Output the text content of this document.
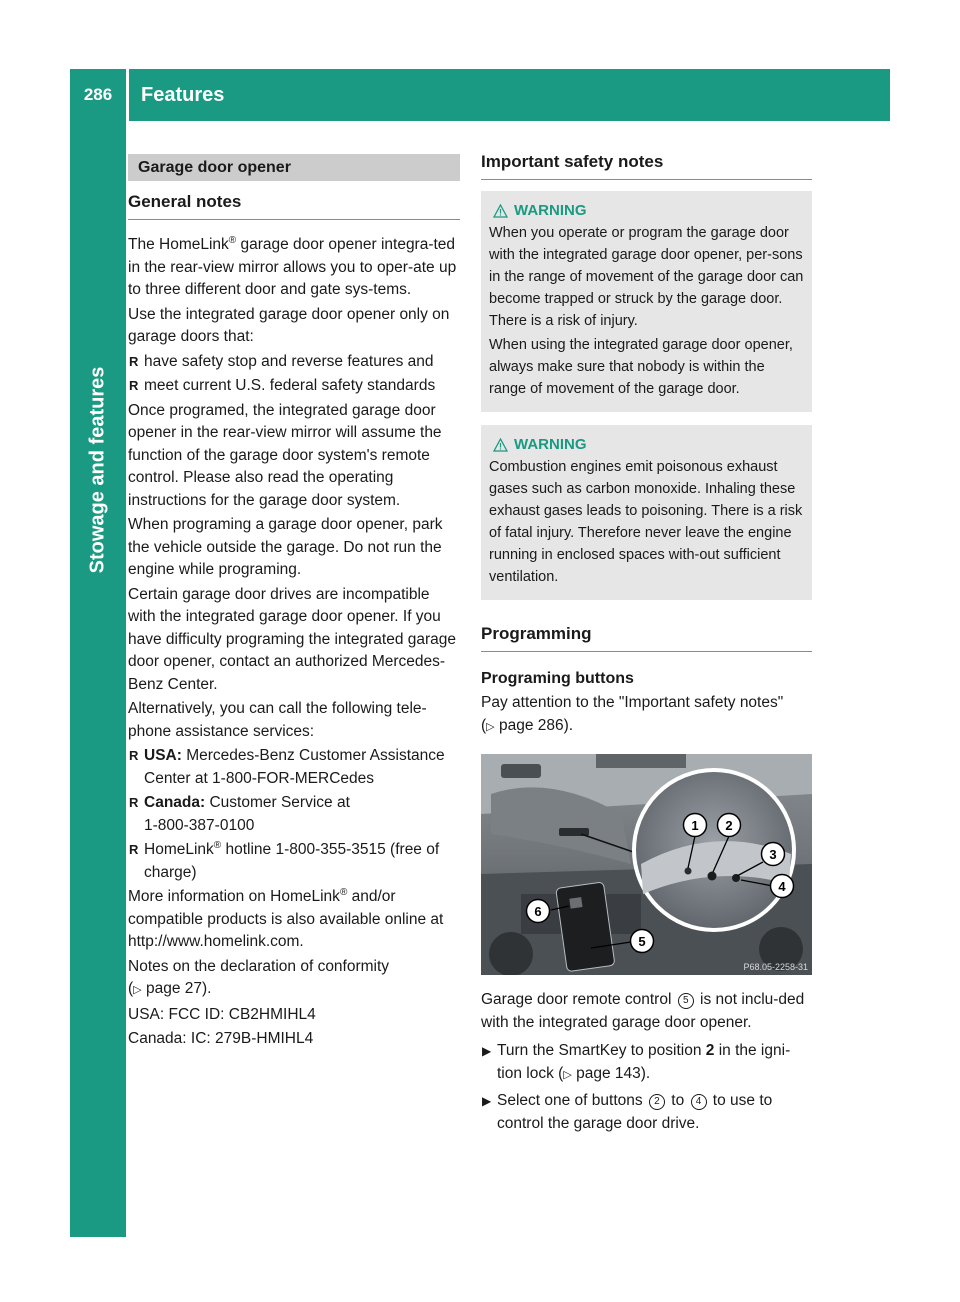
286	Features
Stowage and features
Garage door opener
General notes

The HomeLink® garage door opener integra-ted in the rear-view mirror allows you to oper-ate up to three different door and gate sys-tems.

Use the integrated garage door opener only on garage doors that:

R have safety stop and reverse features and
R meet current U.S. federal safety standards

Once programed, the integrated garage door opener in the rear-view mirror will assume the function of the garage door system's remote control. Please also read the operating instructions for the garage door system.

When programing a garage door opener, park the vehicle outside the garage. Do not run the engine while programing.

Certain garage door drives are incompatible with the integrated garage door opener. If you have difficulty programing the integrated garage door opener, contact an authorized Mercedes-Benz Center.

Alternatively, you can call the following tele-phone assistance services:

R USA: Mercedes-Benz Customer Assistance Center at 1-800-FOR-MERCedes
R Canada: Customer Service at
1-800-387-0100
R HomeLink® hotline 1-800-355-3515 (free of charge)

More information on HomeLink® and/or compatible products is also available online at http://www.homelink.com.

Notes on the declaration of conformity
(▷ page 27).

USA: FCC ID: CB2HMIHL4

Canada: IC: 279B-HMIHL4

Important safety notes
WARNING

When you operate or program the garage door with the integrated garage door opener, per-sons in the range of movement of the garage door can become trapped or struck by the garage door. There is a risk of injury.

When using the integrated garage door opener, always make sure that nobody is within the range of movement of the garage door.

WARNING

Combustion engines emit poisonous exhaust gases such as carbon monoxide. Inhaling these exhaust gases leads to poisoning. There is a risk of fatal injury. Therefore never leave the engine running in enclosed spaces with-out sufficient ventilation.

Programming
Programing buttons

Pay attention to the "Important safety notes"
(▷ page 286).

1 2
3
4
5
6
P68.05-2258-31

Garage door remote control 5 is not inclu-ded with the integrated garage door opener.

▶ Turn the SmartKey to position 2 in the igni-tion lock (▷ page 143).
▶ Select one of buttons 2 to 4 to use to control the garage door drive.
